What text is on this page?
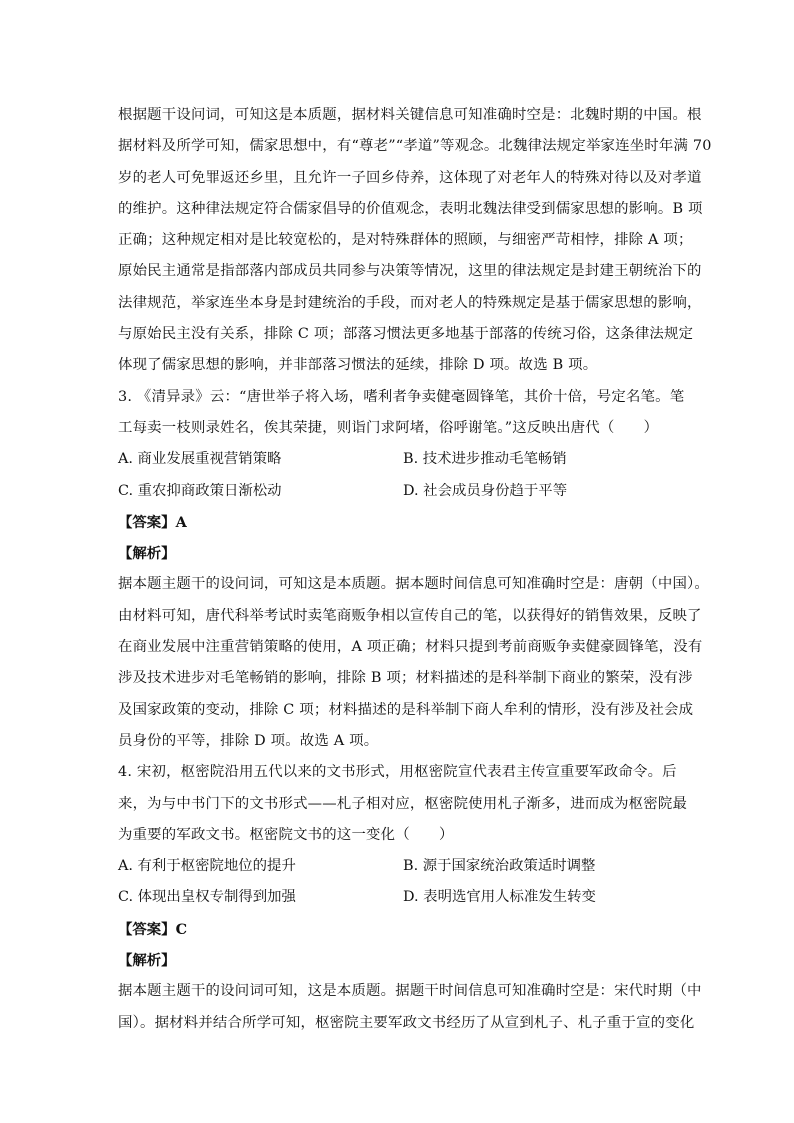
根据题干设问词，可知这是本质题，据材料关键信息可知准确时空是：北魏时期的中国。根
据材料及所学可知，儒家思想中，有“尊老”“孝道”等观念。北魏律法规定举家连坐时年满 70
岁的老人可免罪返还乡里，且允许一子回乡侍养，这体现了对老年人的特殊对待以及对孝道
的维护。这种律法规定符合儒家倡导的价值观念，表明北魏法律受到儒家思想的影响。B 项
正确；这种规定相对是比较宽松的，是对特殊群体的照顾，与细密严苛相悖，排除 A 项；
原始民主通常是指部落内部成员共同参与决策等情况，这里的律法规定是封建王朝统治下的
法律规范，举家连坐本身是封建统治的手段，而对老人的特殊规定是基于儒家思想的影响，
与原始民主没有关系，排除 C 项；部落习惯法更多地基于部落的传统习俗，这条律法规定
体现了儒家思想的影响，并非部落习惯法的延续，排除 D 项。故选 B 项。
3. 《清异录》云：“唐世举子将入场，嗜利者争卖健毫圆锋笔，其价十倍，号定名笔。笔
工每卖一枝则录姓名，俟其荣捷，则诣门求阿堵，俗呼谢笔。”这反映出唐代（　　）
A. 商业发展重视营销策略	B. 技术进步推动毛笔畅销
C. 重农抑商政策日渐松动	D. 社会成员身份趋于平等
【答案】A
【解析】
据本题主题干的设问词，可知这是本质题。据本题时间信息可知准确时空是：唐朝（中国）。
由材料可知，唐代科举考试时卖笔商贩争相以宣传自己的笔，以获得好的销售效果，反映了
在商业发展中注重营销策略的使用，A 项正确；材料只提到考前商贩争卖健豪圆锋笔，没有
涉及技术进步对毛笔畅销的影响，排除 B 项；材料描述的是科举制下商业的繁荣，没有涉
及国家政策的变动，排除 C 项；材料描述的是科举制下商人牟利的情形，没有涉及社会成
员身份的平等，排除 D 项。故选 A 项。
4. 宋初，枢密院沿用五代以来的文书形式，用枢密院宣代表君主传宣重要军政命令。后
来，为与中书门下的文书形式——札子相对应，枢密院使用札子渐多，进而成为枢密院最
为重要的军政文书。枢密院文书的这一变化（　　）
A. 有利于枢密院地位的提升	B. 源于国家统治政策适时调整
C. 体现出皇权专制得到加强	D. 表明选官用人标准发生转变
【答案】C
【解析】
据本题主题干的设问词可知，这是本质题。据题干时间信息可知准确时空是：宋代时期（中
国）。据材料并结合所学可知，枢密院主要军政文书经历了从宣到札子、札子重于宣的变化
